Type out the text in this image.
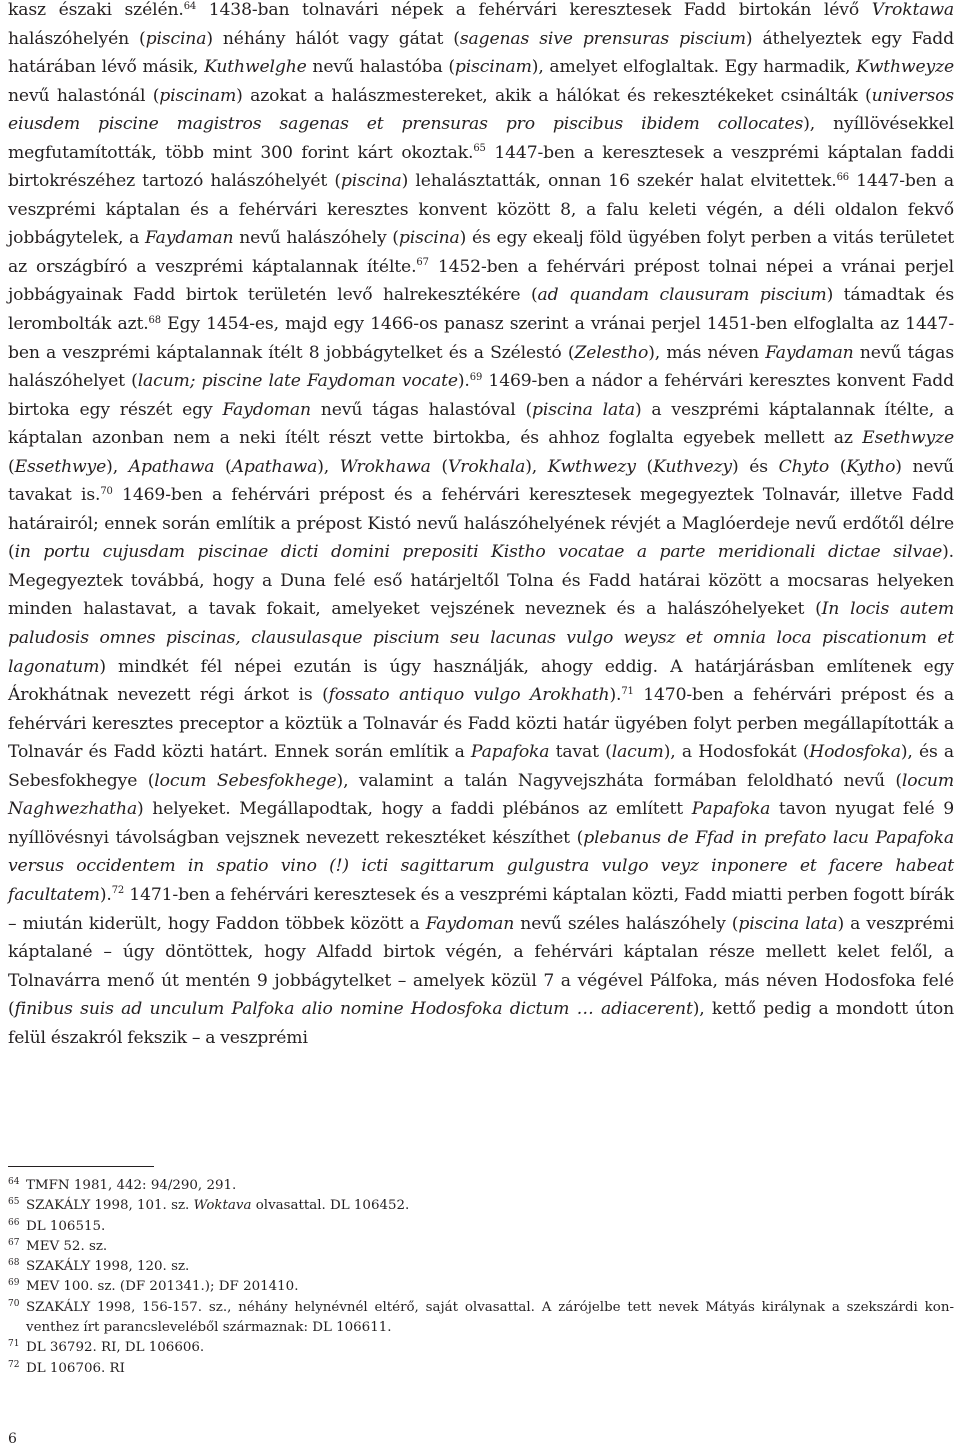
kasz északi szélén.$^{64}$ 1438-ban tolnavári népek a fehérvári keresztesek Fadd birtokán lévő Vroktawa halászóhelyén (piscina) néhány hálót vagy gátat (sagenas sive prensuras piscium) áthelyeztek egy Fadd határában lévő másik, Kuthwelghe nevű halastóba (piscinam), amelyet elfoglaltak. Egy harmadik, Kwthweyze nevű halastónál (piscinam) azokat a halászmestereket, akik a hálókat és rekesztékeket csinálták (universos eiusdem piscine magistros sagenas et prensuras pro piscibus ibidem collocates), nyíllövésekkel megfutamították, több mint 300 forint kárt okoztak.$^{65}$ 1447-ben a keresztesek a veszprémi káptalan faddi birtokrészéhez tartozó halászóhelyét (piscina) lehalásztatták, onnan 16 szekér halat elvitettek.$^{66}$ 1447-ben a veszprémi káptalan és a fehérvári keresztes konvent között 8, a falu keleti végén, a déli oldalon fekvő jobbágytelek, a Faydaman nevű halászóhely (piscina) és egy ekealj föld ügyében folyt perben a vitás területet az országbíró a veszprémi káptalannak ítélte.$^{67}$ 1452-ben a fehérvári prépost tolnai népei a vránai perjel jobbágyainak Fadd birtok területén levő halrekesztékére (ad quandam clausuram piscium) támadtak és lerombolták azt.$^{68}$ Egy 1454-es, majd egy 1466-os panasz szerint a vránai perjel 1451-ben elfoglalta az 1447-ben a veszprémi káptalannak ítélt 8 jobbágytelket és a Szélestó (Zelestho), más néven Faydaman nevű tágas halászóhelyet (lacum; piscine late Faydoman vocate).$^{69}$ 1469-ben a nádor a fehérvári keresztes konvent Fadd birtoka egy részét egy Faydoman nevű tágas halastóval (piscina lata) a veszprémi káptalannak ítélte, a káptalan azonban nem a neki ítélt részt vette birtokba, és ahhoz foglalta egyebek mellett az Esethwyze (Essethwye), Apathawa (Apathawa), Wrokhawa (Vrokhala), Kwthwezy (Kuthvezy) és Chyto (Kytho) nevű tavakat is.$^{70}$ 1469-ben a fehérvári prépost és a fehérvári keresztesek megegyeztek Tolnavár, illetve Fadd határairól; ennek során említik a prépost Kistó nevű halászóhelyének révjét a Maglóerdeje nevű erdőtől délre (in portu cujusdam piscinae dicti domini prepositi Kistho vocatae a parte meridionali dictae silvae). Megegyeztek továbbá, hogy a Duna felé eső határjeltől Tolna és Fadd határai között a mocsaras helyeken minden halastavat, a tavak fokait, amelyeket vejszének neveznek és a halászóhelyeket (In locis autem paludosis omnes piscinas, clausulasque piscium seu lacunas vulgo weysz et omnia loca piscationum et lagonatum) mindkét fél népei ezután is úgy használják, ahogy eddig. A határjárásban említenek egy Árokhátnak nevezett régi árkot is (fossato antiquo vulgo Arokhath).$^{71}$ 1470-ben a fehérvári prépost és a fehérvári keresztes preceptor a köztük a Tolnavár és Fadd közti határ ügyében folyt perben megállapították a Tolnavár és Fadd közti határt. Ennek során említik a Papafoka tavat (lacum), a Hodosfokát (Hodosfoka), és a Sebesfokhegye (locum Sebesfokhege), valamint a talán Nagyvejszháta formában feloldható nevű (locum Naghwezhatha) helyeket. Megállapodtak, hogy a faddi plébános az említett Papafoka tavon nyugat felé 9 nyíllövésnyi távolságban vejsznek nevezett rekesztéket készíthet (plebanus de Ffad in prefato lacu Papafoka versus occidentem in spatio vino (!) icti sagittarum gulgustra vulgo veyz inponere et facere habeat facultatem).$^{72}$ 1471-ben a fehérvári keresztesek és a veszprémi káptalan közti, Fadd miatti perben fogott bírák – miután kiderült, hogy Faddon többek között a Faydoman nevű széles halászóhely (piscina lata) a veszprémi káptalané – úgy döntöttek, hogy Alfadd birtok végén, a fehérvári káptalan része mellett kelet felől, a Tolnavárra menő út mentén 9 jobbágytelket – amelyek közül 7 a végével Pálfoka, más néven Hodosfoka felé (finibus suis ad unculum Palfoka alio nomine Hodosfoka dictum … adiacerent), kettő pedig a mondott úton felül északról fekszik – a veszprémi
64 TMFN 1981, 442: 94/290, 291.
65 SZAKÁLY 1998, 101. sz. Woktava olvasattal. DL 106452.
66 DL 106515.
67 MEV 52. sz.
68 SZAKÁLY 1998, 120. sz.
69 MEV 100. sz. (DF 201341.); DF 201410.
70 SZAKÁLY 1998, 156-157. sz., néhány helynévnél eltérő, saját olvasattal. A zárójelbe tett nevek Mátyás királynak a szekszárdi konventhez írt parancsleveléből származnak: DL 106611.
71 DL 36792. RI, DL 106606.
72 DL 106706. RI
6
